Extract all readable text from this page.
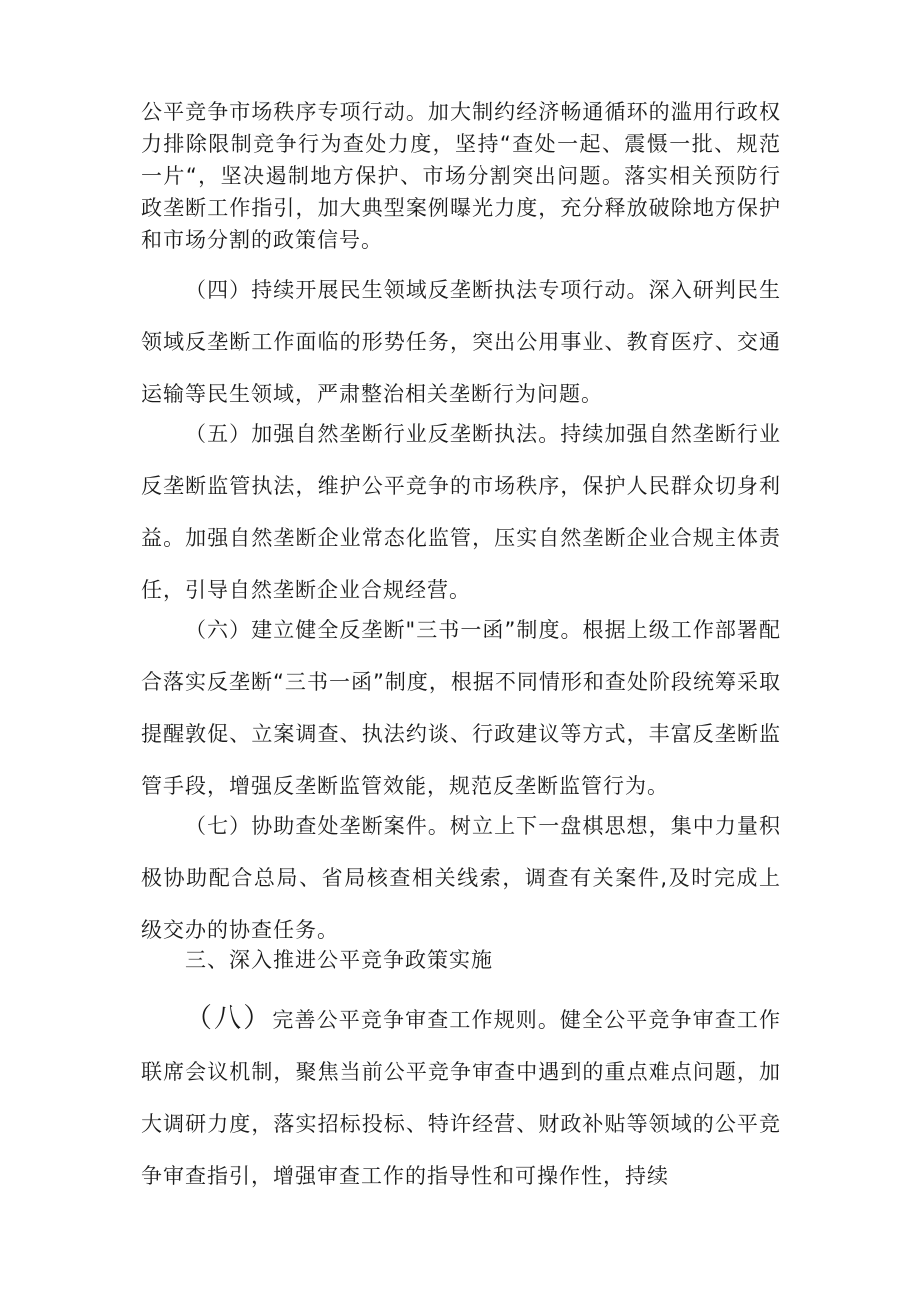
公平竞争市场秩序专项行动。加大制约经济畅通循环的滥用行政权力排除限制竞争行为查处力度，坚持“查处一起、震慑一批、规范一片“，坚决遏制地方保护、市场分割突出问题。落实相关预防行政垄断工作指引，加大典型案例曝光力度，充分释放破除地方保护和市场分割的政策信号。

（四）持续开展民生领域反垄断执法专项行动。深入研判民生领域反垄断工作面临的形势任务，突出公用事业、教育医疗、交通运输等民生领域，严肃整治相关垄断行为问题。

（五）加强自然垄断行业反垄断执法。持续加强自然垄断行业反垄断监管执法，维护公平竞争的市场秩序，保护人民群众切身利益。加强自然垄断企业常态化监管，压实自然垄断企业合规主体责任，引导自然垄断企业合规经营。

（六）建立健全反垄断"三书一函”制度。根据上级工作部署配合落实反垄断“三书一函”制度，根据不同情形和查处阶段统筹采取提醒敦促、立案调查、执法约谈、行政建议等方式，丰富反垄断监管手段，增强反垄断监管效能，规范反垄断监管行为。

（七）协助查处垄断案件。树立上下一盘棋思想，集中力量积极协助配合总局、省局核查相关线索，调查有关案件,及时完成上级交办的协查任务。

三、深入推进公平竞争政策实施

（八）完善公平竞争审查工作规则。健全公平竞争审查工作联席会议机制，聚焦当前公平竞争审查中遇到的重点难点问题，加大调研力度，落实招标投标、特许经营、财政补贴等领域的公平竞争审查指引，增强审查工作的指导性和可操作性，持续
